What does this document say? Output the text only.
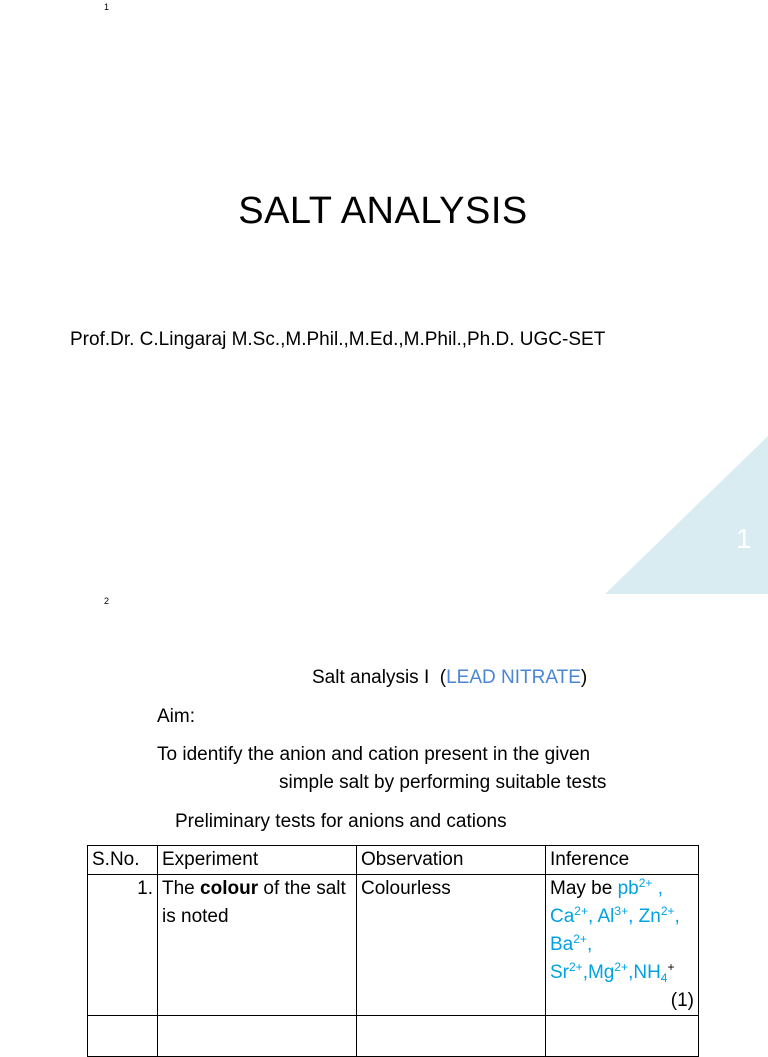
1
SALT ANALYSIS
Prof.Dr. C.Lingaraj M.Sc.,M.Phil.,M.Ed.,M.Phil.,Ph.D. UGC-SET
1
2
Salt analysis I  (LEAD NITRATE)
Aim:
To identify the anion and cation present in the given
simple salt by performing suitable tests
Preliminary tests for anions and cations
S.No.	Experiment	Observation	Inference
1.	The colour of the salt is noted	Colourless	May be $pb^{2+}$ , $Ca^{2+}$, $Al^{3+}$, $Zn^{2+}$, $Ba^{2+}$, $Sr^{2+},Mg^{2+},NH_4^+$
(1)
